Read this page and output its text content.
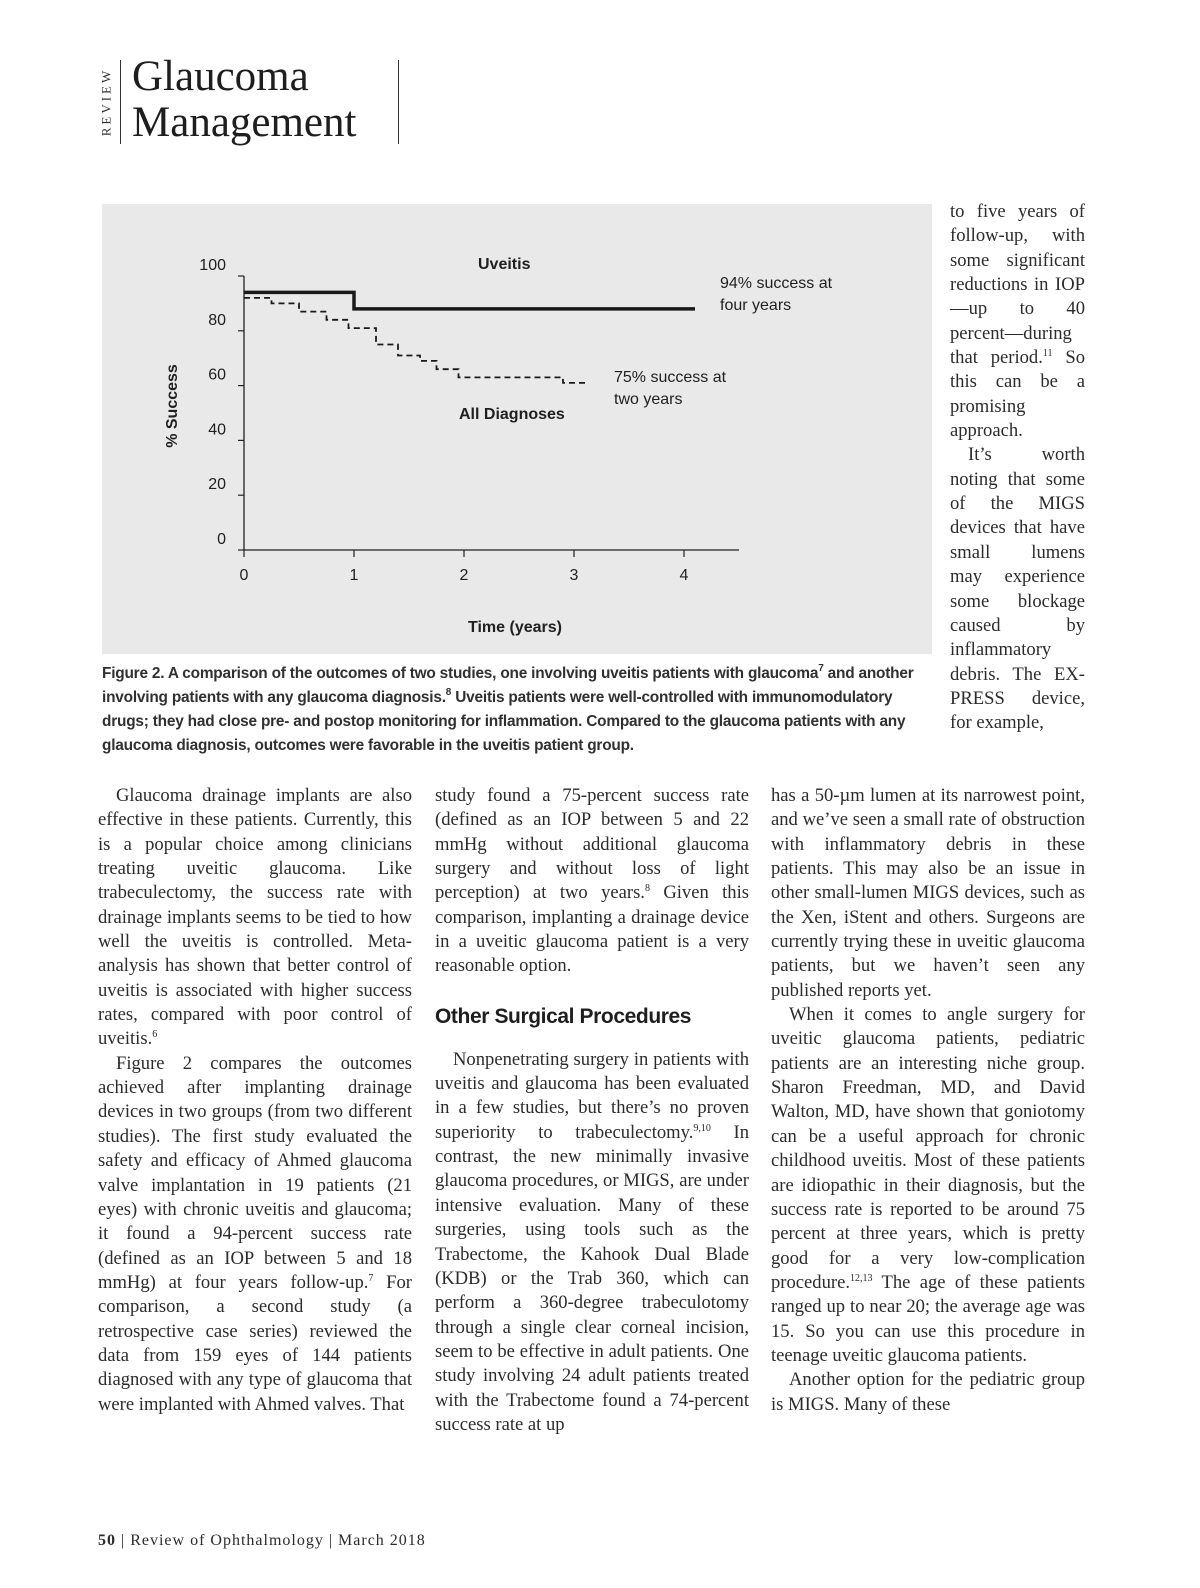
REVIEW Glaucoma
Management
0
20
40
60
80
100
0	1	2	3	4
% Success
Time (years)
Uveitis
All Diagnoses
94% success at
four years
75% success at
two years

Figure 2. A comparison of the outcomes of two studies, one involving uveitis patients with glaucoma$^7$ and another involving patients with any glaucoma diagnosis.$^8$ Uveitis patients were well-controlled with immunomodulatory drugs; they had close pre- and postop monitoring for inflammation. Compared to the glaucoma patients with any glaucoma diagnosis, outcomes were favorable in the uveitis patient group.

to five years of follow-up, with some significant reductions in IOP—up to 40 percent—during that period.$^{11}$ So this can be a promising approach.

It’s worth noting that some of the MIGS devices that have small lumens may experience some blockage caused by inflammatory debris. The EX-PRESS device, for example,

Glaucoma drainage implants are also effective in these patients. Currently, this is a popular choice among clinicians treating uveitic glaucoma. Like trabeculectomy, the success rate with drainage implants seems to be tied to how well the uveitis is controlled. Meta-analysis has shown that better control of uveitis is associated with higher success rates, compared with poor control of uveitis.$^6$

Figure 2 compares the outcomes achieved after implanting drainage devices in two groups (from two different studies). The first study evaluated the safety and efficacy of Ahmed glaucoma valve implantation in 19 patients (21 eyes) with chronic uveitis and glaucoma; it found a 94-percent success rate (defined as an IOP between 5 and 18 mmHg) at four years follow-up.$^7$ For comparison, a second study (a retrospective case series) reviewed the data from 159 eyes of 144 patients diagnosed with any type of glaucoma that were implanted with Ahmed valves. That

study found a 75-percent success rate (defined as an IOP between 5 and 22 mmHg without additional glaucoma surgery and without loss of light perception) at two years.$^8$ Given this comparison, implanting a drainage device in a uveitic glaucoma patient is a very reasonable option.

Other Surgical Procedures

Nonpenetrating surgery in patients with uveitis and glaucoma has been evaluated in a few studies, but there’s no proven superiority to trabeculectomy.$^{9,10}$ In contrast, the new minimally invasive glaucoma procedures, or MIGS, are under intensive evaluation. Many of these surgeries, using tools such as the Trabectome, the Kahook Dual Blade (KDB) or the Trab 360, which can perform a 360-degree trabeculotomy through a single clear corneal incision, seem to be effective in adult patients. One study involving 24 adult patients treated with the Trabectome found a 74-percent success rate at up

has a 50-µm lumen at its narrowest point, and we’ve seen a small rate of obstruction with inflammatory debris in these patients. This may also be an issue in other small-lumen MIGS devices, such as the Xen, iStent and others. Surgeons are currently trying these in uveitic glaucoma patients, but we haven’t seen any published reports yet.

When it comes to angle surgery for uveitic glaucoma patients, pediatric patients are an interesting niche group. Sharon Freedman, MD, and David Walton, MD, have shown that goniotomy can be a useful approach for chronic childhood uveitis. Most of these patients are idiopathic in their diagnosis, but the success rate is reported to be around 75 percent at three years, which is pretty good for a very low-complication procedure.$^{12,13}$ The age of these patients ranged up to near 20; the average age was 15. So you can use this procedure in teenage uveitic glaucoma patients.

Another option for the pediatric group is MIGS. Many of these

50 | Review of Ophthalmology | March 2018
